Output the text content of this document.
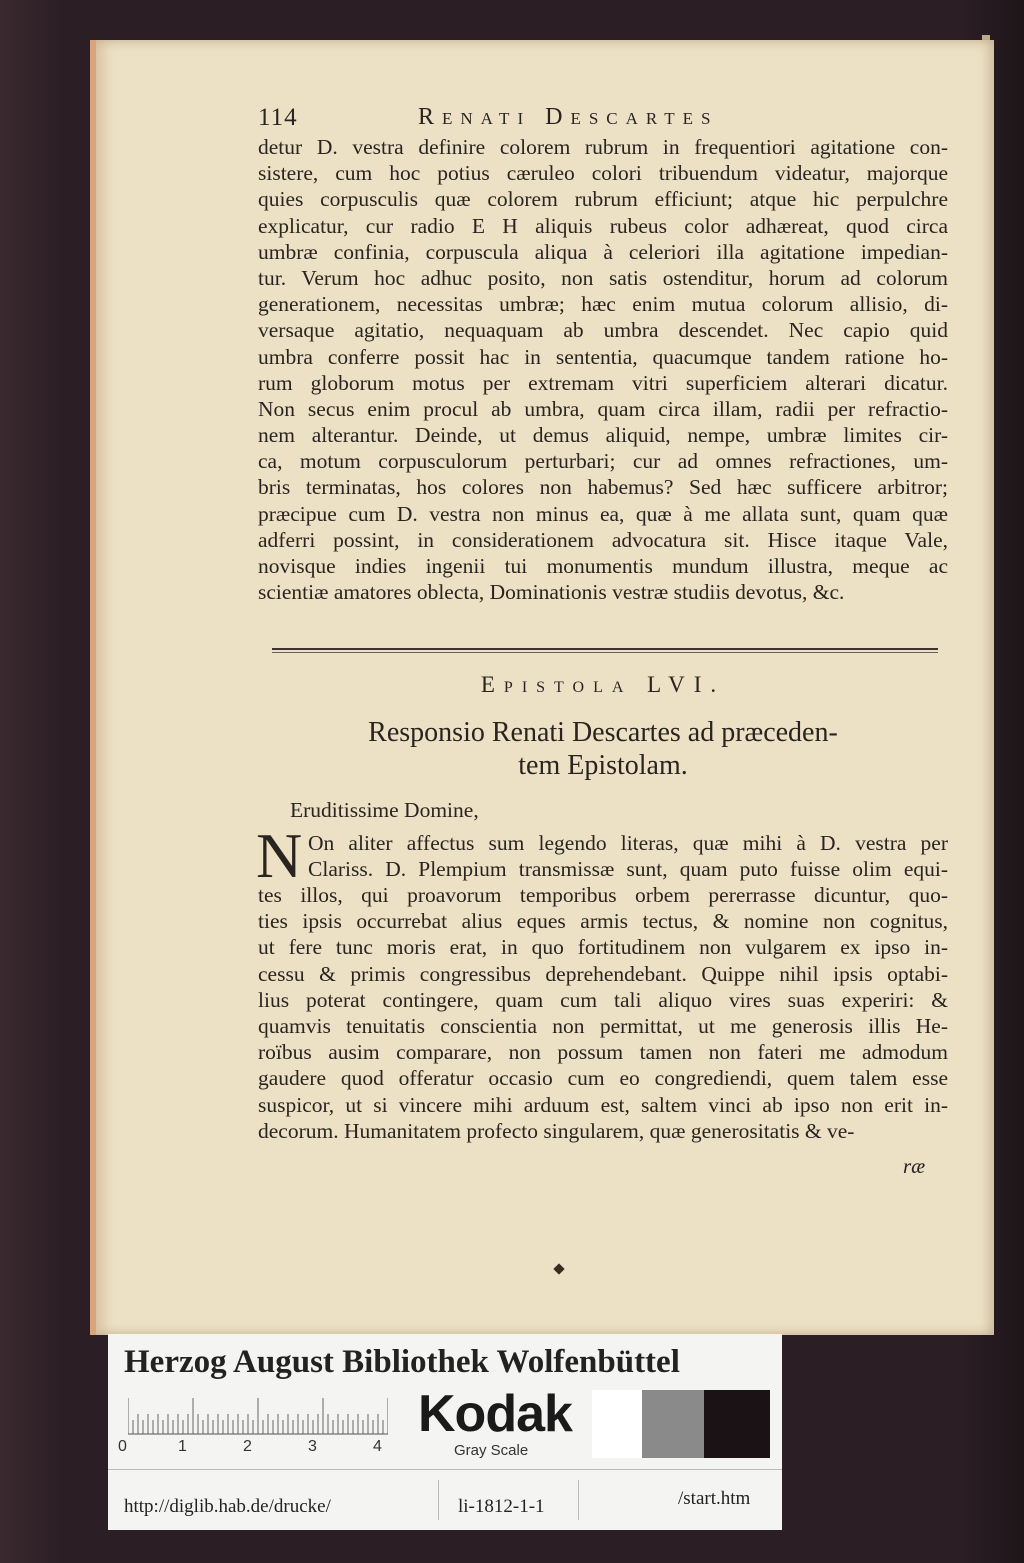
114	Renati Descartes
detur D. vestra definire colorem rubrum in frequentiori agitatione con-
sistere, cum hoc potius cæruleo colori tribuendum videatur, majorque
quies corpusculis quæ colorem rubrum efficiunt; atque hic perpulchre
explicatur, cur radio E H aliquis rubeus color adhæreat, quod circa
umbræ confinia, corpuscula aliqua à celeriori illa agitatione impedian-
tur. Verum hoc adhuc posito, non satis ostenditur, horum ad colorum
generationem, necessitas umbræ; hæc enim mutua colorum allisio, di-
versaque agitatio, nequaquam ab umbra descendet. Nec capio quid
umbra conferre possit hac in sententia, quacumque tandem ratione ho-
rum globorum motus per extremam vitri superficiem alterari dicatur.
Non secus enim procul ab umbra, quam circa illam, radii per refractio-
nem alterantur. Deinde, ut demus aliquid, nempe, umbræ limites cir-
ca, motum corpusculorum perturbari; cur ad omnes refractiones, um-
bris terminatas, hos colores non habemus? Sed hæc sufficere arbitror;
præcipue cum D. vestra non minus ea, quæ à me allata sunt, quam quæ
adferri possint, in considerationem advocatura sit. Hisce itaque Vale,
novisque indies ingenii tui monumentis mundum illustra, meque ac
scientiæ amatores oblecta, Dominationis vestræ studiis devotus, &c.
Epistola LVI.
Responsio Renati Descartes ad præceden-
tem Epistolam.
Eruditissime Domine,
N On aliter affectus sum legendo literas, quæ mihi à D. vestra per
Clariss. D. Plempium transmissæ sunt, quam puto fuisse olim equi-
tes illos, qui proavorum temporibus orbem pererrasse dicuntur, quo-
ties ipsis occurrebat alius eques armis tectus, & nomine non cognitus,
ut fere tunc moris erat, in quo fortitudinem non vulgarem ex ipso in-
cessu & primis congressibus deprehendebant. Quippe nihil ipsis optabi-
lius poterat contingere, quam cum tali aliquo vires suas experiri: &
quamvis tenuitatis conscientia non permittat, ut me generosis illis He-
roïbus ausim comparare, non possum tamen non fateri me admodum
gaudere quod offeratur occasio cum eo congrediendi, quem talem esse
suspicor, ut si vincere mihi arduum est, saltem vinci ab ipso non erit in-
decorum. Humanitatem profecto singularem, quæ generositatis & ve-
ræ
Herzog August Bibliothek Wolfenbüttel
0	1	2	3	4
Kodak
Gray Scale
http://diglib.hab.de/drucke/	li-1812-1-1	/start.htm
